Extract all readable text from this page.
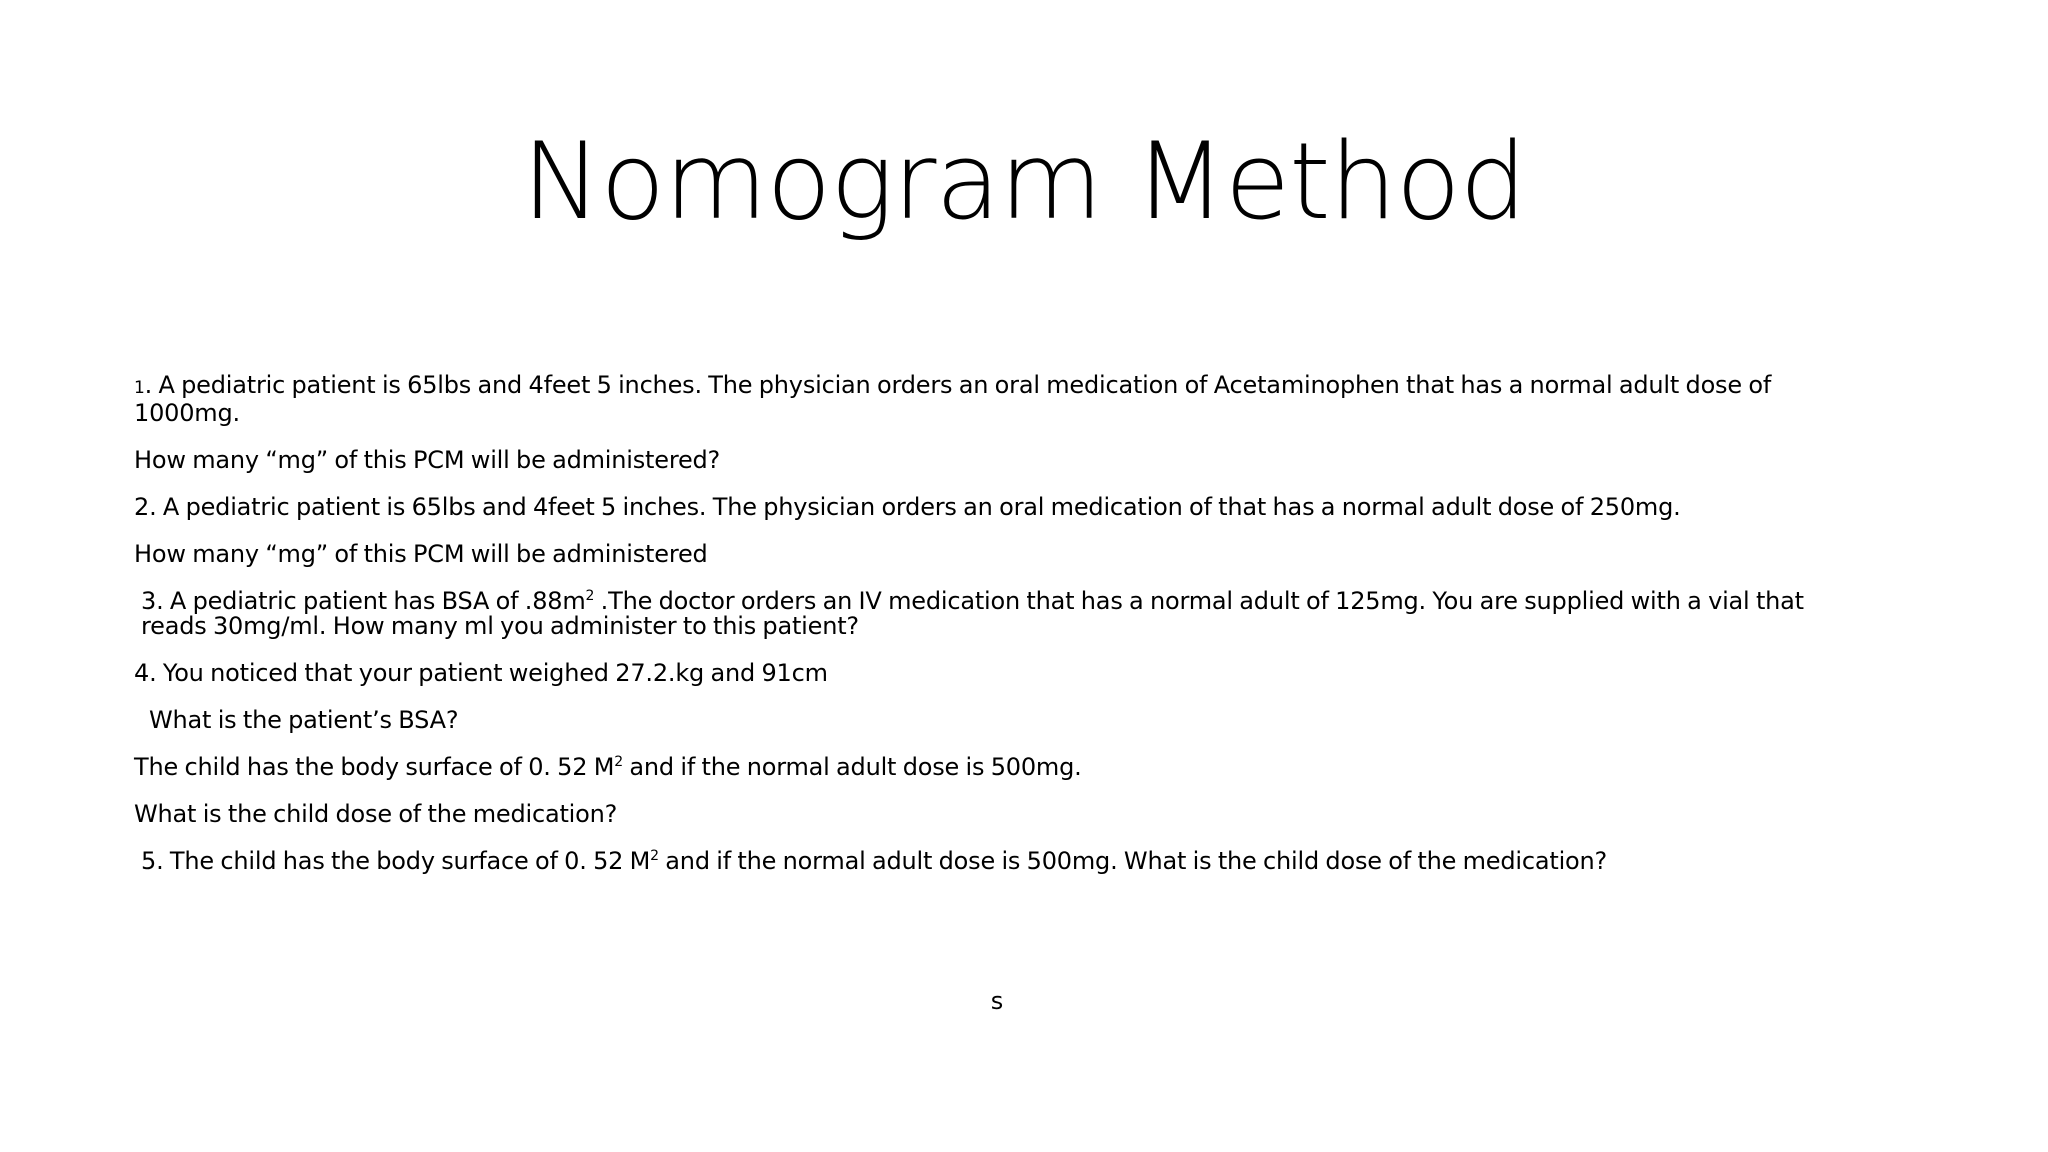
Nomogram Method

1. A pediatric patient is 65lbs and 4feet 5 inches. The physician orders an oral medication of Acetaminophen that has a normal adult dose of 1000mg.

How many “mg” of this PCM will be administered?

2. A pediatric patient is 65lbs and 4feet 5 inches. The physician orders an oral medication of that has a normal adult dose of 250mg.

How many “mg” of this PCM will be administered

3. A pediatric patient has BSA of $.88m^2$ .The doctor orders an IV medication that has a normal adult of 125mg. You are supplied with a vial that reads 30mg/ml. How many ml you administer to this patient?

4. You noticed that your patient weighed 27.2.kg and 91cm

What is the patient’s BSA?

The child has the body surface of 0. 52 $M^2$ and if the normal adult dose is 500mg.

What is the child dose of the medication?

5. The child has the body surface of 0. 52 $M^2$ and if the normal adult dose is 500mg. What is the child dose of the medication?

s
